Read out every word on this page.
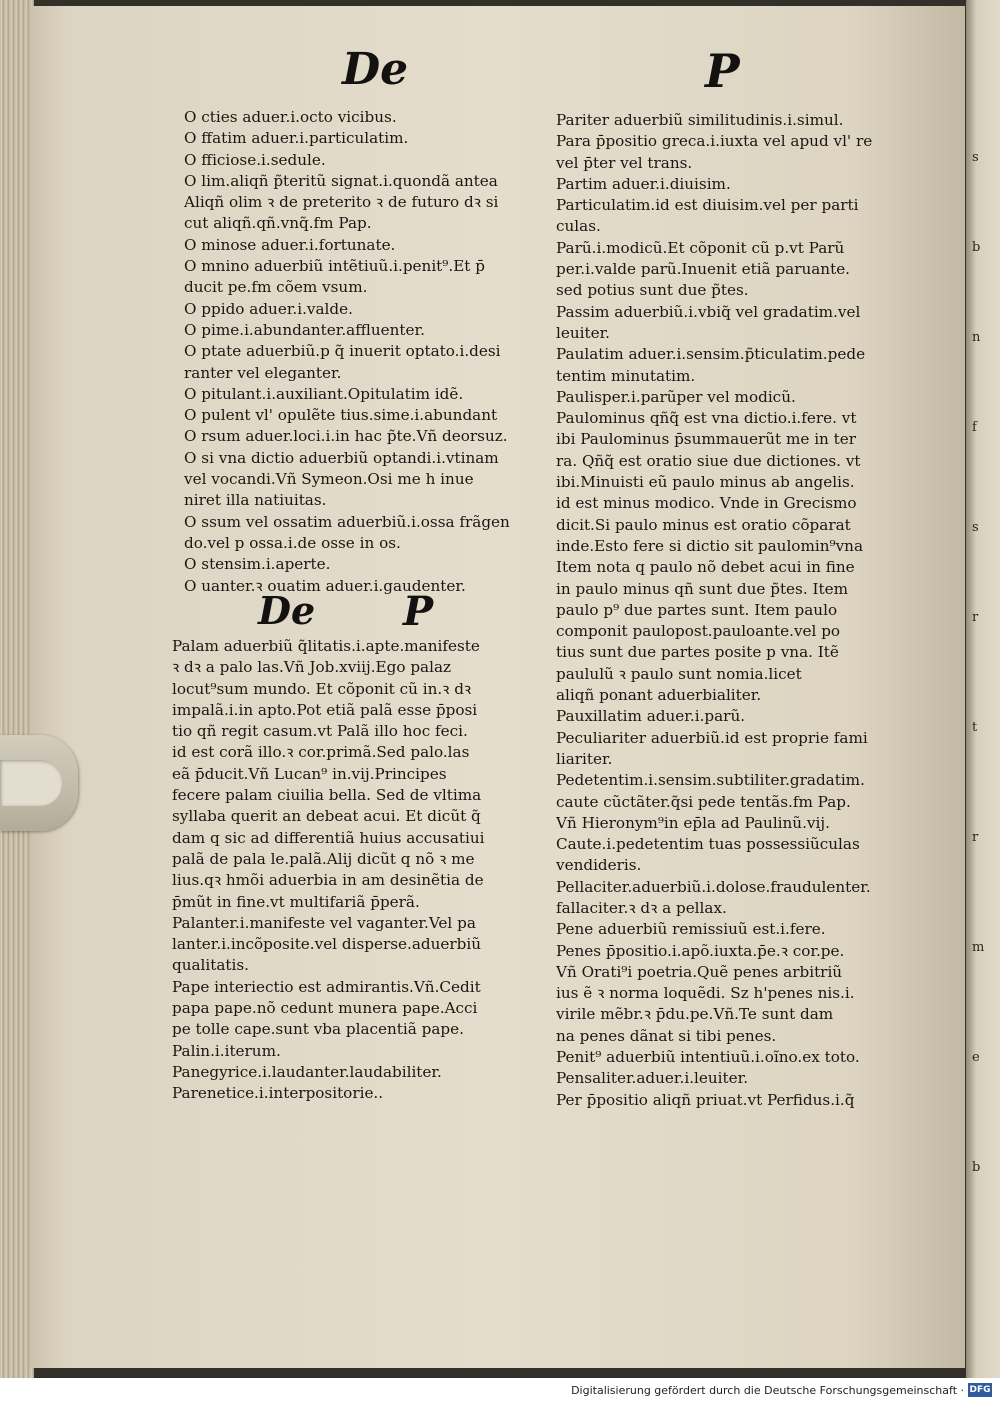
s
b
n
f
s
r
t
r
m
e
b
De	P
O cties aduer.i.octo vicibus.
O ffatim aduer.i.particulatim.
O fficiose.i.sedule.
O lim.aliqñ p̃teritũ signat.i.quondã antea
Aliqñ olim ꝛ de preterito ꝛ de futuro dꝛ si
cut aliqñ.qñ.vnq̃.fm Pap.
O minose aduer.i.fortunate.
O mnino aduerbiũ intẽtiuũ.i.penit⁹.Et p̄
ducit pe.fm cõem vsum.
O ppido aduer.i.valde.
O pime.i.abundanter.affluenter.
O ptate aduerbiũ.p q̃ inuerit optato.i.desi
ranter vel eleganter.
O pitulant.i.auxiliant.Opitulatim idẽ.
O pulent vl' opulẽte tius.sime.i.abundant
O rsum aduer.loci.i.in hac p̃te.Vñ deorsuz.
O si vna dictio aduerbiũ optandi.i.vtinam
vel vocandi.Vñ Symeon.Osi me h inue
niret illa natiuitas.
O ssum vel ossatim aduerbiũ.i.ossa frãgen
do.vel p ossa.i.de osse in os.
O stensim.i.aperte.
O uanter.ꝛ ouatim aduer.i.gaudenter.
De P
Palam aduerbiũ q̃litatis.i.apte.manifeste
ꝛ dꝛ a palo las.Vñ Job.xviij.Ego palaz
locut⁹sum mundo. Et cõponit cũ in.ꝛ dꝛ
impalã.i.in apto.Pot etiã palã esse p̄posi
tio qñ regit casum.vt Palã illo hoc feci.
id est corã illo.ꝛ cor.primã.Sed palo.las
eã p̄ducit.Vñ Lucan⁹ in.vij.Principes
fecere palam ciuilia bella. Sed de vltima
syllaba querit an debeat acui. Et dicũt q̃
dam q sic ad differentiã huius accusatiui
palã de pala le.palã.Alij dicũt q nõ ꝛ me
lius.qꝛ hmõi aduerbia in am desinẽtia de
p̄mũt in fine.vt multifariã p̄perã.
Palanter.i.manifeste vel vaganter.Vel pa
lanter.i.incõposite.vel disperse.aduerbiũ
qualitatis.
Pape interiectio est admirantis.Vñ.Cedit
papa pape.nõ cedunt munera pape.Acci
pe tolle cape.sunt vba placentiã pape.
Palin.i.iterum.
Panegyrice.i.laudanter.laudabiliter.
Parenetice.i.interpositorie..
Pariter aduerbiũ similitudinis.i.simul.
Para p̄positio greca.i.iuxta vel apud vl' re
vel p̄ter vel trans.
Partim aduer.i.diuisim.
Particulatim.id est diuisim.vel per parti
culas.
Parũ.i.modicũ.Et cõponit cũ p.vt Parũ
per.i.valde parũ.Inuenit etiã paruante.
sed potius sunt due p̃tes.
Passim aduerbiũ.i.vbiq̃ vel gradatim.vel
leuiter.
Paulatim aduer.i.sensim.p̃ticulatim.pede
tentim minutatim.
Paulisper.i.parũper vel modicũ.
Paulominus qñq̃ est vna dictio.i.fere. vt
ibi Paulominus p̄summauerũt me in ter
ra. Qñq̃ est oratio siue due dictiones. vt
ibi.Minuisti eũ paulo minus ab angelis.
id est minus modico. Vnde in Grecismo
dicit.Si paulo minus est oratio cõparat
inde.Esto fere si dictio sit paulomin⁹vna
Item nota q paulo nõ debet acui in fine
in paulo minus qñ sunt due p̃tes. Item
paulo p⁹ due partes sunt. Item paulo
componit paulopost.pauloante.vel po
tius sunt due partes posite p vna. Itẽ
paululũ ꝛ paulo sunt nomia.licet
aliqñ ponant aduerbialiter.
Pauxillatim aduer.i.parũ.
Peculiariter aduerbiũ.id est proprie fami
liariter.
Pedetentim.i.sensim.subtiliter.gradatim.
caute cũctãter.q̃si pede tentãs.fm Pap.
Vñ Hieronym⁹in ep̄la ad Paulinũ.vij.
Caute.i.pedetentim tuas possessiũculas
vendideris.
Pellaciter.aduerbiũ.i.dolose.fraudulenter.
fallaciter.ꝛ dꝛ a pellax.
Pene aduerbiũ remissiuũ est.i.fere.
Penes p̄positio.i.apõ.iuxta.p̄e.ꝛ cor.pe.
Vñ Orati⁹i poetria.Quẽ penes arbitriũ
ius ẽ ꝛ norma loquẽdi. Sz h'penes nis.i.
virile mẽbr.ꝛ p̄du.pe.Vñ.Te sunt dam
na penes dãnat si tibi penes.
Penit⁹ aduerbiũ intentiuũ.i.oĩno.ex toto.
Pensaliter.aduer.i.leuiter.
Per p̄positio aliqñ priuat.vt Perfidus.i.q̃
Digitalisierung gefördert durch die Deutsche Forschungsgemeinschaft · DFG
